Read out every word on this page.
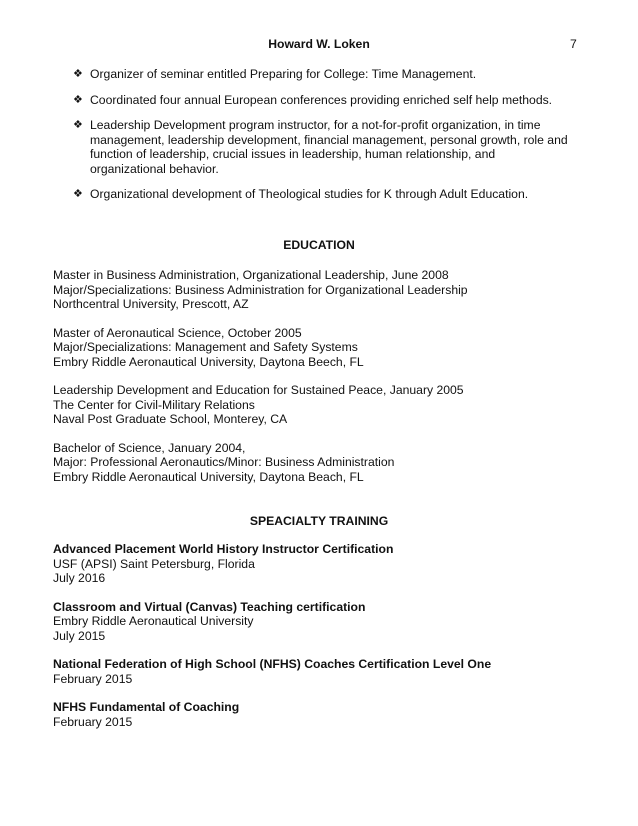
Howard W. Loken	7
❖ Organizer of seminar entitled Preparing for College: Time Management.
❖ Coordinated four annual European conferences providing enriched self help methods.
❖ Leadership Development program instructor, for a not-for-profit organization, in time management, leadership development, financial management, personal growth, role and function of leadership, crucial issues in leadership, human relationship, and organizational behavior.
❖ Organizational development of Theological studies for K through Adult Education.
EDUCATION
Master in Business Administration, Organizational Leadership, June 2008
Major/Specializations: Business Administration for Organizational Leadership
Northcentral University, Prescott, AZ
Master of Aeronautical Science, October 2005
Major/Specializations: Management and Safety Systems
Embry Riddle Aeronautical University, Daytona Beech, FL
Leadership Development and Education for Sustained Peace, January 2005
The Center for Civil-Military Relations
Naval Post Graduate School, Monterey, CA
Bachelor of Science, January 2004,
Major: Professional Aeronautics/Minor: Business Administration
Embry Riddle Aeronautical University, Daytona Beach, FL
SPEACIALTY TRAINING
Advanced Placement World History Instructor Certification
USF (APSI) Saint Petersburg, Florida
July 2016
Classroom and Virtual (Canvas) Teaching certification
Embry Riddle Aeronautical University
July 2015
National Federation of High School (NFHS) Coaches Certification Level One
February 2015
NFHS Fundamental of Coaching
February 2015
